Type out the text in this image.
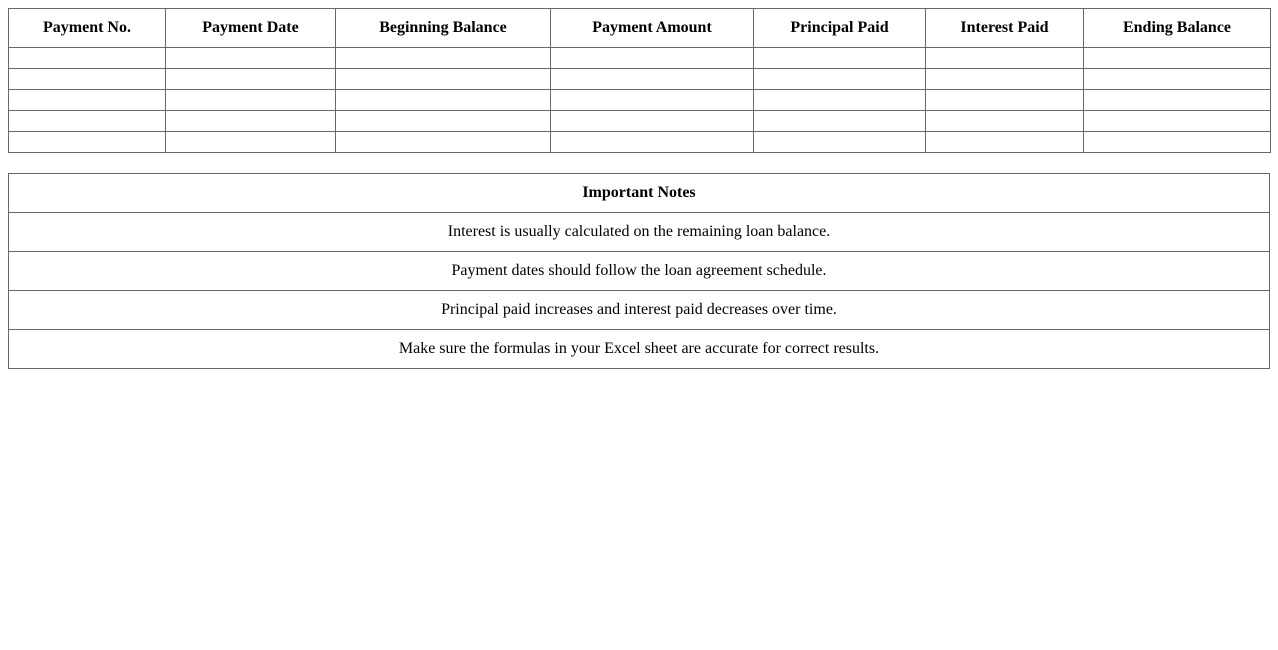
Payment No.	Payment Date	Beginning Balance	Payment Amount	Principal Paid	Interest Paid	Ending Balance

Important Notes
Interest is usually calculated on the remaining loan balance.
Payment dates should follow the loan agreement schedule.
Principal paid increases and interest paid decreases over time.
Make sure the formulas in your Excel sheet are accurate for correct results.
